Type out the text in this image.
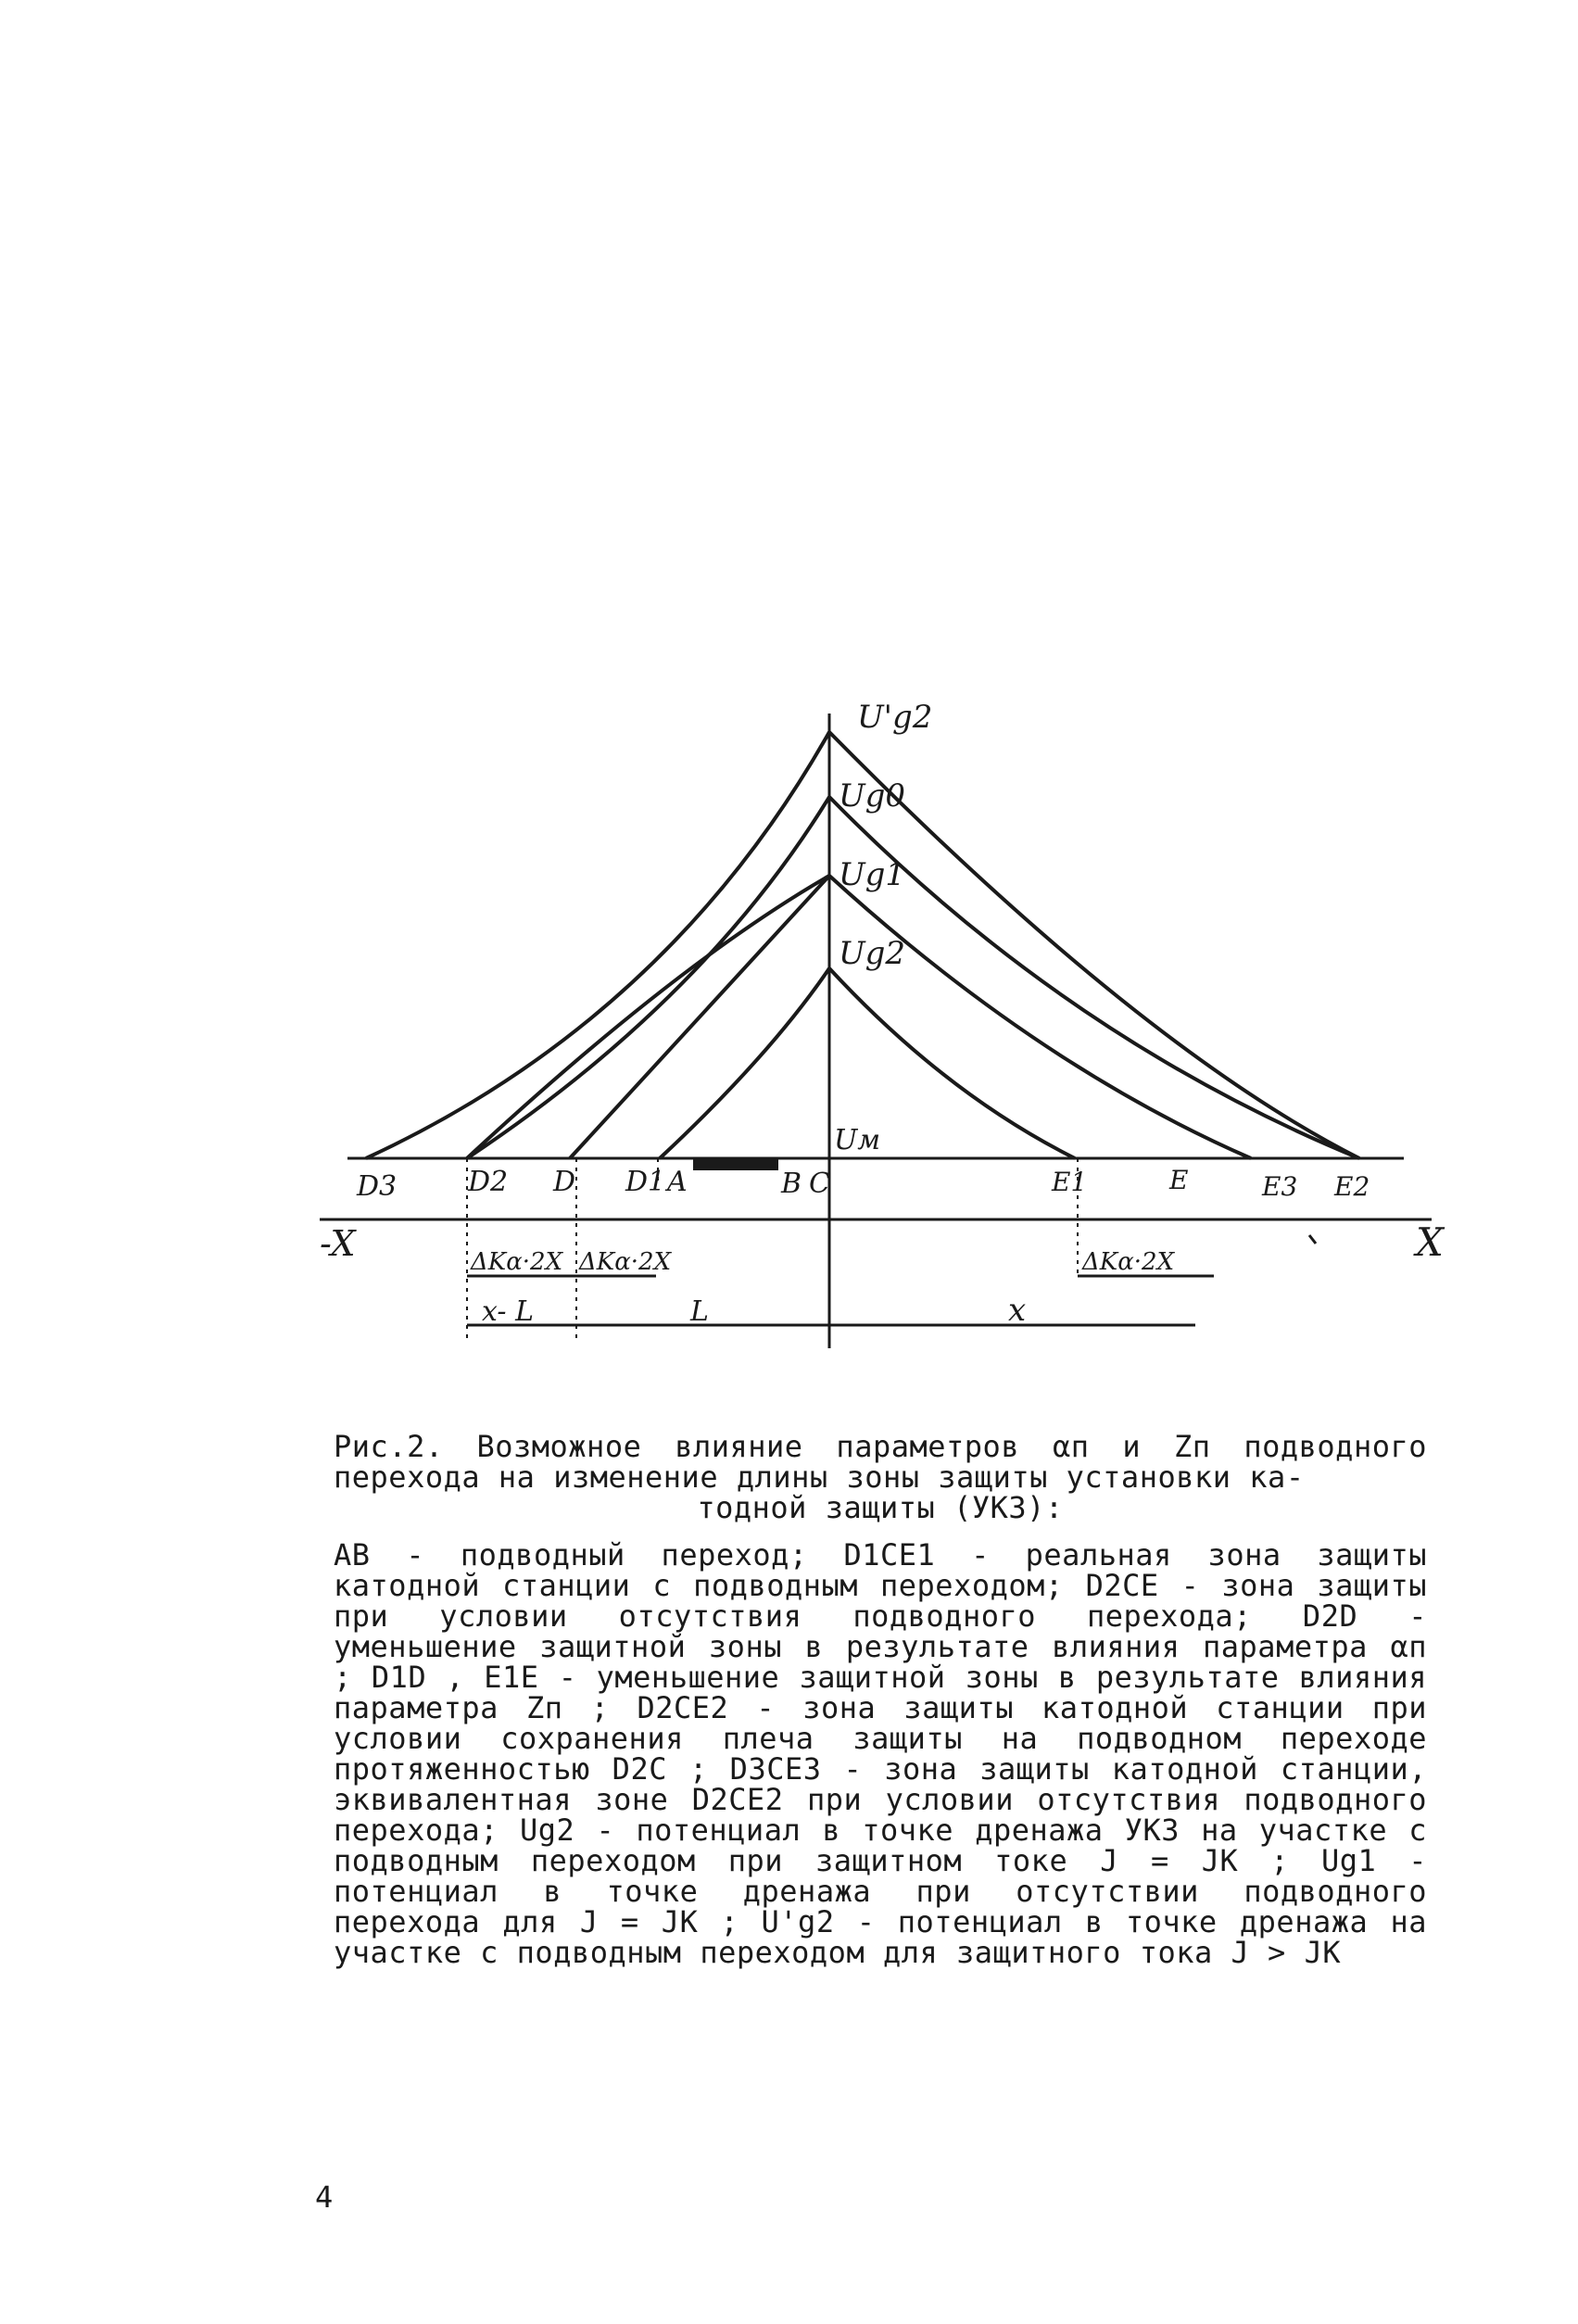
U'g2
Ug0
Ug1
Ug2
Uм
D3	D2 D D1 A	B C	E1	E	E3 E2
-X	X
ΔKα·2X ΔKα·2X	ΔKα·2X
x- L	L	x
Рис.2. Возможное влияние параметров αп и Zп подводного перехода на изменение длины зоны защиты установки ка-
тодной защиты (УКЗ):
АВ - подводный переход; D1CE1 - реальная зона защиты катодной станции с подводным переходом; D2CE - зона защиты при условии отсутствия подводного перехода; D2D - уменьшение защитной зоны в результате влияния параметра αп ; D1D , E1E - уменьшение защитной зоны в результате влияния параметра Zп ; D2CE2 - зона защиты катодной станции при условии сохранения плеча защиты на подводном переходе протяженностью D2C ; D3CE3 - зона защиты катодной станции, эквивалентная зоне D2CE2 при условии отсутствия подводного перехода; Ug2 - потенциал в точке дренажа УКЗ на участке с подводным переходом при защитном токе J = JK ; Ug1 - потенциал в точке дренажа при отсутствии подводного перехода для J = JK ; U'g2 - потенциал в точке дренажа на участке с подводным переходом для защитного тока J > JK
4
